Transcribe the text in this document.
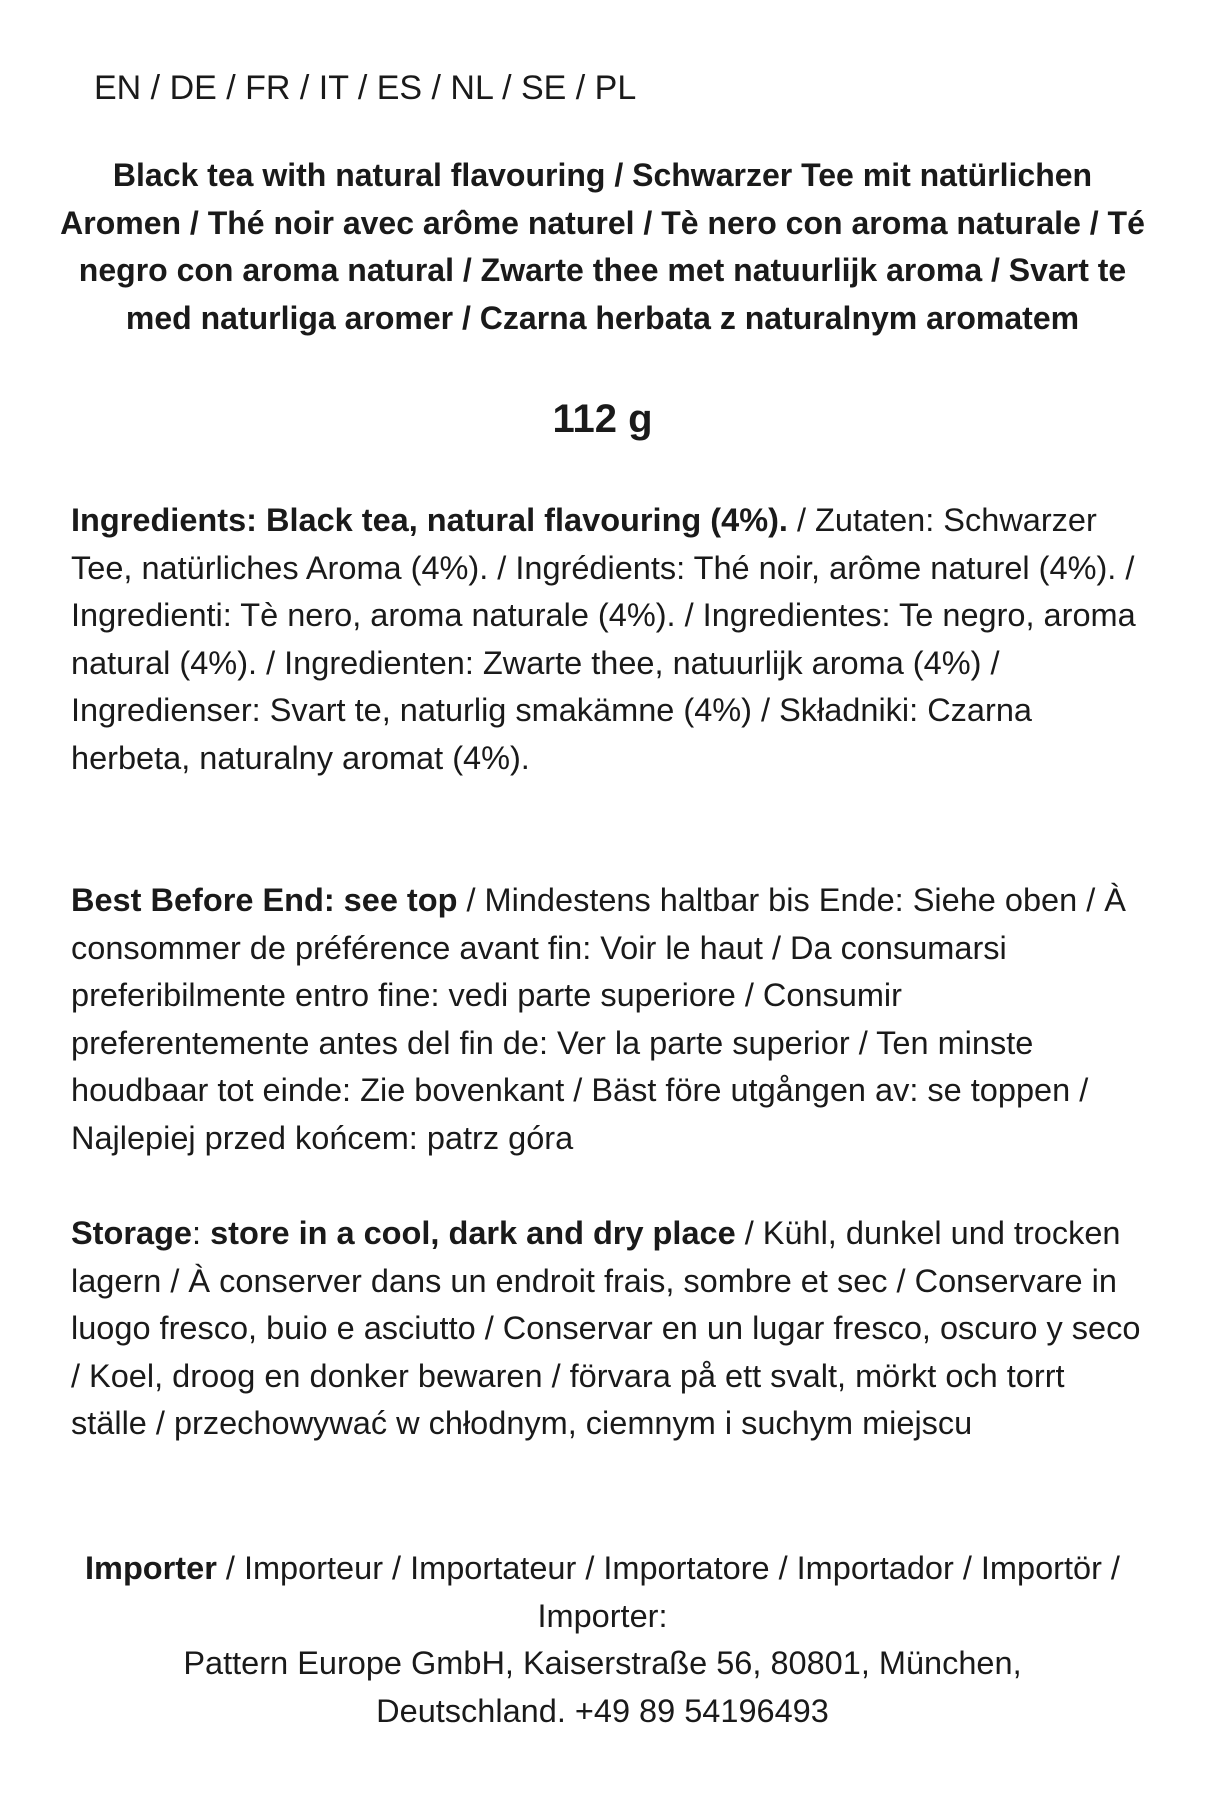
EN / DE / FR / IT / ES / NL / SE / PL
Black tea with natural flavouring / Schwarzer Tee mit natürlichen Aromen / Thé noir avec arôme naturel / Tè nero con aroma naturale / Té negro con aroma natural / Zwarte thee met natuurlijk aroma / Svart te med naturliga aromer / Czarna herbata z naturalnym aromatem
112 g
Ingredients: Black tea, natural flavouring (4%). / Zutaten: Schwarzer Tee, natürliches Aroma (4%). / Ingrédients: Thé noir, arôme naturel (4%). / Ingredienti: Tè nero, aroma naturale (4%). / Ingredientes: Te negro, aroma natural (4%). / Ingredienten: Zwarte thee, natuurlijk aroma (4%) / Ingredienser: Svart te, naturlig smakämne (4%) / Składniki: Czarna herbeta, naturalny aromat (4%).
Best Before End: see top / Mindestens haltbar bis Ende: Siehe oben / À consommer de préférence avant fin: Voir le haut / Da consumarsi preferibilmente entro fine: vedi parte superiore / Consumir preferentemente antes del fin de: Ver la parte superior / Ten minste houdbaar tot einde: Zie bovenkant / Bäst före utgången av: se toppen / Najlepiej przed końcem: patrz góra
Storage: store in a cool, dark and dry place / Kühl, dunkel und trocken lagern / À conserver dans un endroit frais, sombre et sec / Conservare in luogo fresco, buio e asciutto / Conservar en un lugar fresco, oscuro y seco / Koel, droog en donker bewaren / förvara på ett svalt, mörkt och torrt ställe / przechowywać w chłodnym, ciemnym i suchym miejscu
Importer / Importeur / Importateur / Importatore / Importador / Importör / Importer:
Pattern Europe GmbH, Kaiserstraße 56, 80801, München,
Deutschland. +49 89 54196493
